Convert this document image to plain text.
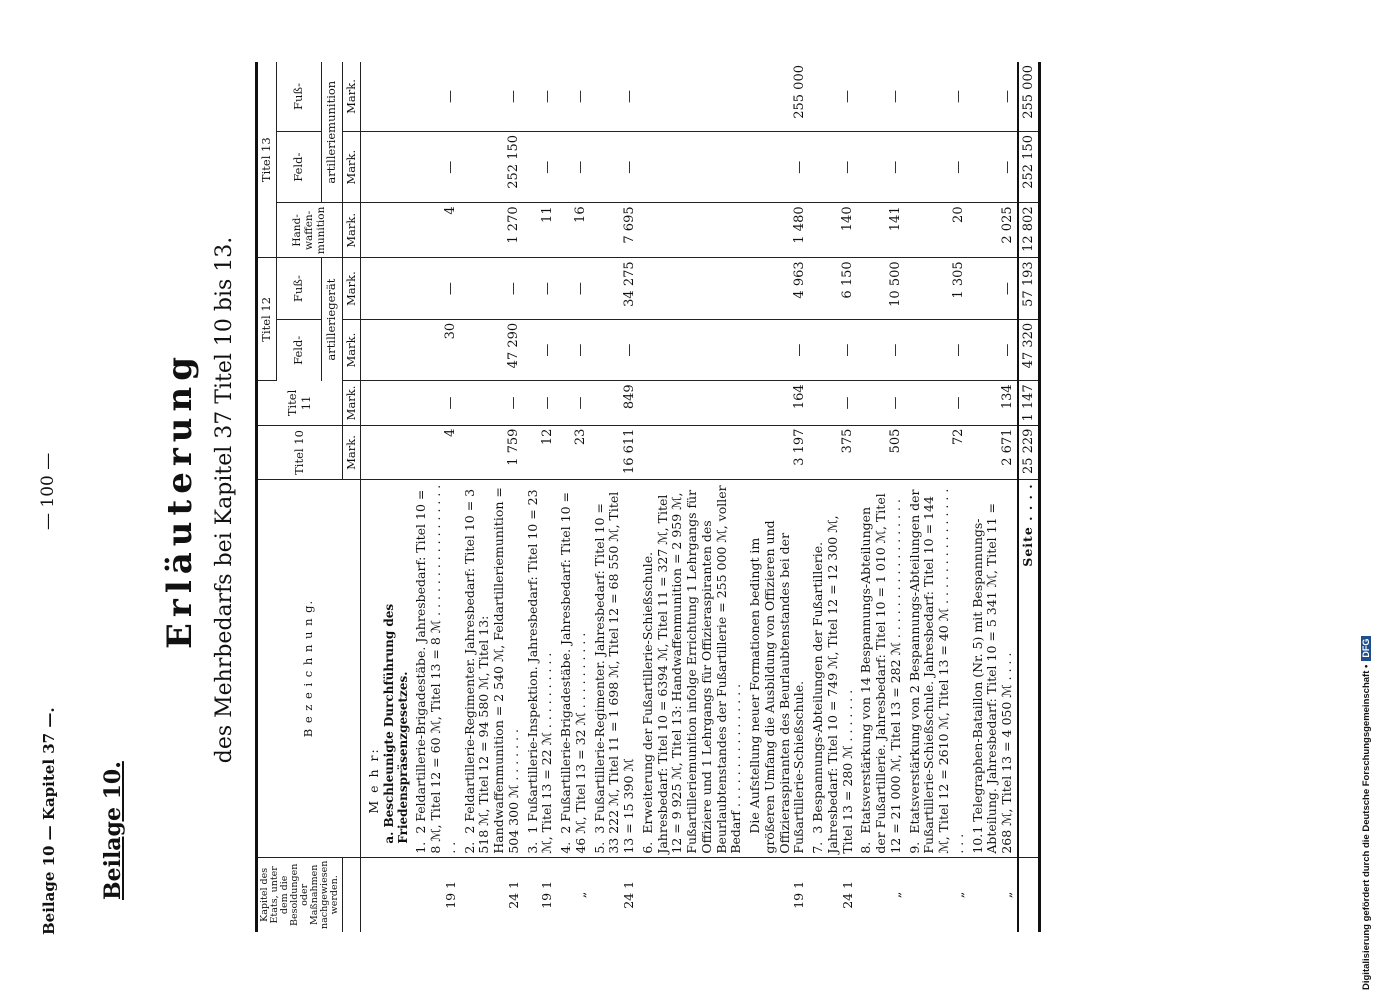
Beilage 10 — Kapitel 37 —.
— 100 —
Beilage 10.
Erläuterung des Mehrbedarfs bei Kapitel 37 Titel 10 bis 13.
Kapitel des Etats, unter dem die Besoldungen oder Maßnahmen nachgewiesen werden.	B e z e i c h n u n g.	Titel 10	Titel 11	Titel 12		Titel 13		
				Feld-	Fuß-	Hand- waffen- munition	Feld-	Fuß-
				artilleriegerät			artilleriemunition	
		Mark.	Mark.	Mark.	Mark.	Mark.	Mark.	Mark.

	M e h r: a. Beschleunigte Durchführung des Friedenspräsenzgesetzes.							

19 1	1.2 Feldartillerie-Brigadestäbe. Jahresbedarf: Titel 10 = 8 ℳ, Titel 12 = 60 ℳ, Titel 13 = 8 ℳ . . . . . . . . . . . . . . . . . . .	4	—	30	—	4	—	—
24 1	2.2 Feldartillerie-Regimenter. Jahresbedarf: Titel 10 = 3 518 ℳ, Titel 12 = 94 580 ℳ, Titel 13: Handwaffenmunition = 2 540 ℳ, Feldartilleriemunition = 504 300 ℳ . . . . . . .	1 759	—	47 290	—	1 270	252 150	—
19 1	3.1 Fußartillerie-Inspektion. Jahresbedarf: Titel 10 = 23 ℳ, Titel 13 = 22 ℳ . . . . . . . . . .	12	—	—	—	11	—	—
„	4.2 Fußartillerie-Brigadestäbe. Jahresbedarf: Titel 10 = 46 ℳ, Titel 13 = 32 ℳ . . . . . . . . . .	23	—	—	—	16	—	—
24 1	5.3 Fußartillerie-Regimenter. Jahresbedarf: Titel 10 = 33 222 ℳ, Titel 11 = 1 698 ℳ, Titel 12 = 68 550 ℳ, Titel 13 = 15 390 ℳ	16 611	849	—	34 275	7 695	—	—
19 1	6.Erweiterung der Fußartillerie-Schießschule. Jahresbedarf: Titel 10 = 6394 ℳ, Titel 11 = 327 ℳ, Titel 12 = 9 925 ℳ, Titel 13: Handwaffenmunition = 2 959 ℳ, Fußartilleriemunition infolge Errichtung 1 Lehrgangs für Offiziere und 1 Lehrgangs für Offizieraspiranten des Beurlaubtenstandes der Fußartillerie = 255 000 ℳ, voller Bedarf . . . . . . . . . . . . . . . . Die Aufstellung neuer Formationen bedingt im größeren Umfang die Ausbildung von Offizieren und Offizieraspiranten des Beurlaubtenstandes bei der Fußartillerie-Schießschule.	3 197	164	—	4 963	1 480	—	255 000
24 1	7.3 Bespannungs-Abteilungen der Fußartillerie. Jahresbedarf: Titel 10 = 749 ℳ, Titel 12 = 12 300 ℳ, Titel 13 = 280 ℳ . . . . . . .	375	—	—	6 150	140	—	—
„	8.Etatsverstärkung von 14 Bespannungs-Abteilungen der Fußartillerie. Jahresbedarf: Titel 10 = 1 010 ℳ, Titel 12 = 21 000 ℳ, Titel 13 = 282 ℳ . . . . . . . . . . . . . . . . . .	505	—	—	10 500	141	—	—
„	9.Etatsverstärkung von 2 Bespannungs-Abteilungen der Fußartillerie-Schießschule. Jahresbedarf: Titel 10 = 144 ℳ, Titel 12 = 2610 ℳ, Titel 13 = 40 ℳ . . . . . . . . . . . . . . . . . .	72	—	—	1 305	20	—	—
„	10.1 Telegraphen-Bataillon (Nr. 5) mit Bespannungs-Abteilung. Jahresbedarf: Titel 10 = 5 341 ℳ, Titel 11 = 268 ℳ, Titel 13 = 4 050 ℳ . . . .	2 671	134	—	—	2 025	—	—
	Seite . . . .	25 229	1 147	47 320	57 193	12 802	252 150	255 000
Digitalisierung gefördert durch die Deutsche Forschungsgemeinschaft •DFG
